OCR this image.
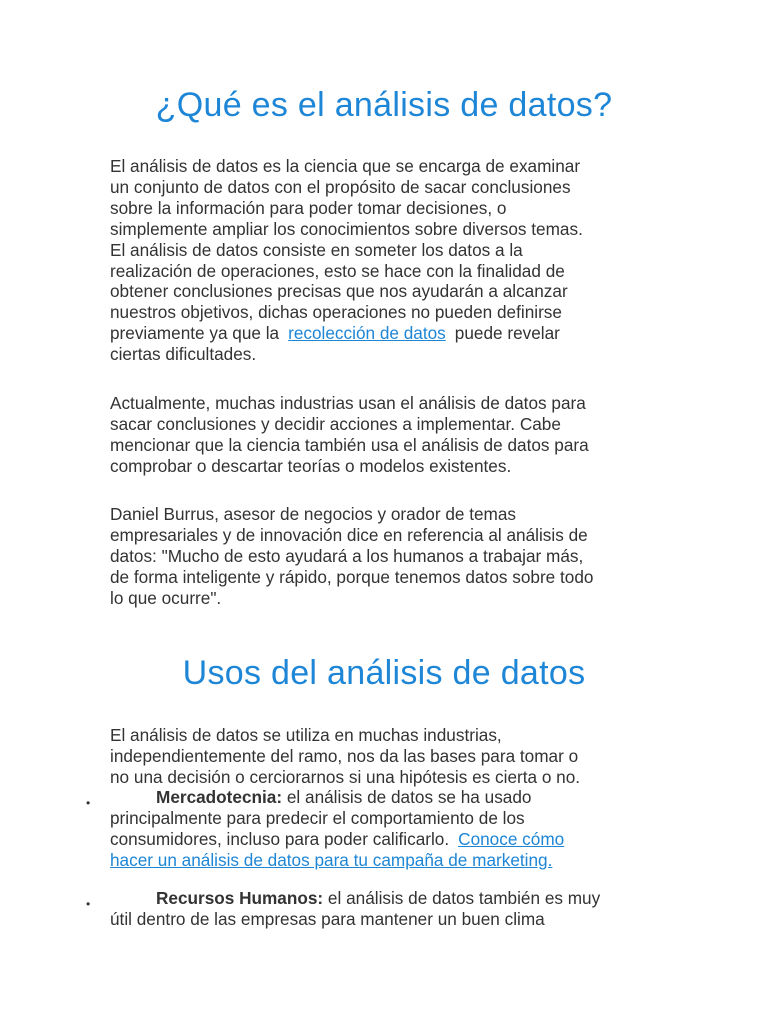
¿Qué es el análisis de datos?

El análisis de datos es la ciencia que se encarga de examinar
un conjunto de datos con el propósito de sacar conclusiones
sobre la información para poder tomar decisiones, o
simplemente ampliar los conocimientos sobre diversos temas.
El análisis de datos consiste en someter los datos a la
realización de operaciones, esto se hace con la finalidad de
obtener conclusiones precisas que nos ayudarán a alcanzar
nuestros objetivos, dichas operaciones no pueden definirse
previamente ya que la recolección de datos puede revelar
ciertas dificultades.

Actualmente, muchas industrias usan el análisis de datos para
sacar conclusiones y decidir acciones a implementar. Cabe
mencionar que la ciencia también usa el análisis de datos para
comprobar o descartar teorías o modelos existentes.

Daniel Burrus, asesor de negocios y orador de temas
empresariales y de innovación dice en referencia al análisis de
datos: "Mucho de esto ayudará a los humanos a trabajar más,
de forma inteligente y rápido, porque tenemos datos sobre todo
lo que ocurre".

Usos del análisis de datos

El análisis de datos se utiliza en muchas industrias,
independientemente del ramo, nos da las bases para tomar o
no una decisión o cerciorarnos si una hipótesis es cierta o no.

•	Mercadotecnia: el análisis de datos se ha usado
principalmente para predecir el comportamiento de los
consumidores, incluso para poder calificarlo. Conoce cómo
hacer un análisis de datos para tu campaña de marketing.
•	Recursos Humanos: el análisis de datos también es muy
útil dentro de las empresas para mantener un buen clima
